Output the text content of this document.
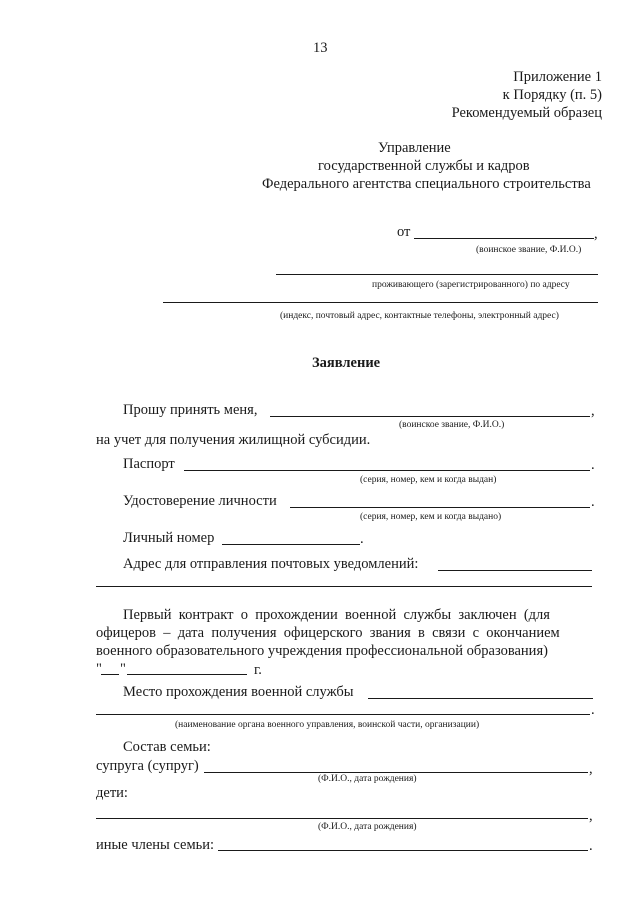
13
Приложение 1
к Порядку (п. 5)
Рекомендуемый образец
Управление
государственной службы и кадров
Федерального агентства специального строительства
от	,
(воинское звание, Ф.И.О.)
проживающего (зарегистрированного) по адресу
(индекс, почтовый адрес, контактные телефоны, электронный адрес)
Заявление
Прошу принять меня,	,
(воинское звание, Ф.И.О.)
на учет для получения жилищной субсидии.
Паспорт	.
(серия, номер, кем и когда выдан)
Удостоверение личности	.
(серия, номер, кем и когда выдано)
Личный номер	.
Адрес для отправления почтовых уведомлений:
Первый  контракт  о  прохождении  военной  службы  заключен  (для
офицеров  –  дата  получения  офицерского  звания  в  связи  с  окончанием
военного образовательного учреждения профессиональной образования)
" "	г.
Место прохождения военной службы
.
(наименование органа военного управления, воинской части, организации)
Состав семьи:
супруга (супруг)	,
(Ф.И.О., дата рождения)
дети:
,
(Ф.И.О., дата рождения)
иные члены семьи:	.
